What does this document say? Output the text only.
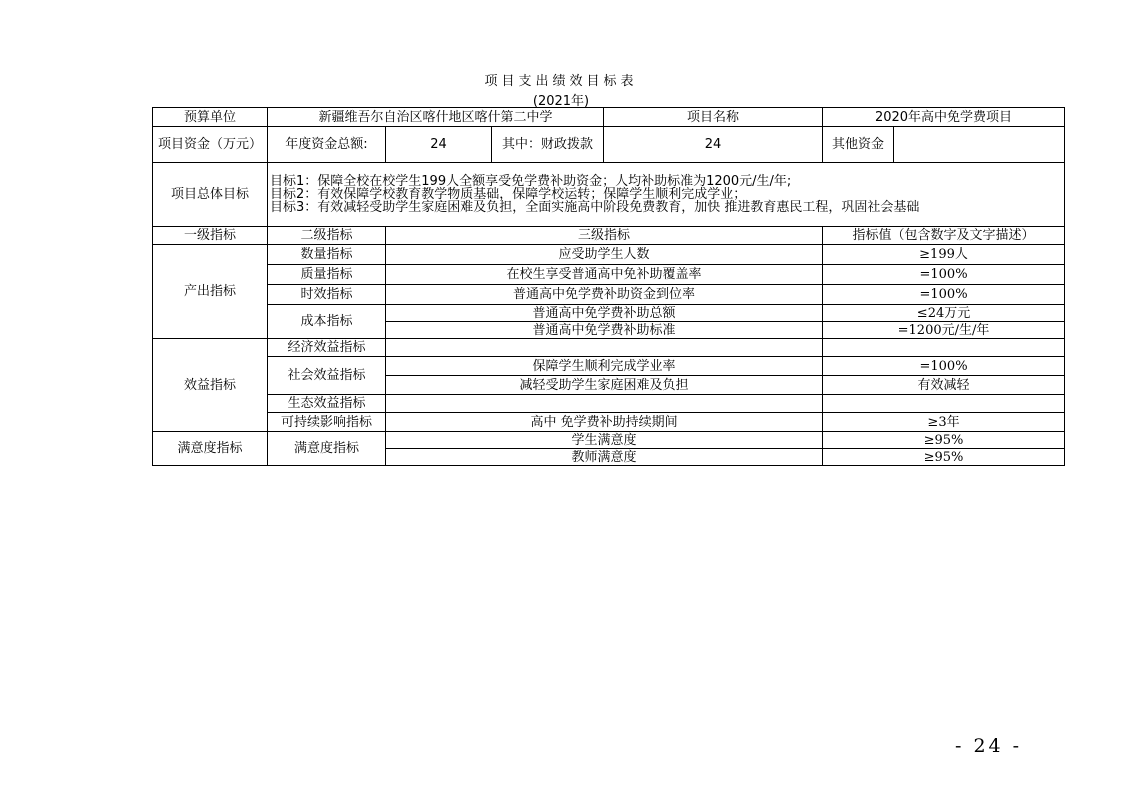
项目支出绩效目标表
(2021年)
预算单位	新疆维吾尔自治区喀什地区喀什第二中学			项目名称	2020年高中免学费项目	
项目资金（万元）	年度资金总额:	24	其中：财政拨款	24	其他资金	
项目总体目标	目标1：保障全校在校学生199人全额享受免学费补助资金；人均补助标准为1200元/生/年;
目标2：有效保障学校教育教学物质基础，保障学校运转；保障学生顺利完成学业；
目标3：有效减轻受助学生家庭困难及负担，全面实施高中阶段免费教育，加快 推进教育惠民工程，巩固社会基础					

一级指标	二级指标	三级指标			指标值（包含数字及文字描述）	
产出指标	数量指标	应受助学生人数			≥199人	
	质量指标	在校生享受普通高中免补助覆盖率			=100%	
	时效指标	普通高中免学费补助资金到位率			=100%	
	成本指标	普通高中免学费补助总额			≤24万元	
		普通高中免学费补助标准			=1200元/生/年	
效益指标	经济效益指标					
	社会效益指标	保障学生顺利完成学业率			=100%	
		减轻受助学生家庭困难及负担			有效减轻	
	生态效益指标					
	可持续影响指标	高中 免学费补助持续期间			≥3年	
满意度指标	满意度指标	学生满意度			≥95%	
		教师满意度			≥95%	
- 24 -
